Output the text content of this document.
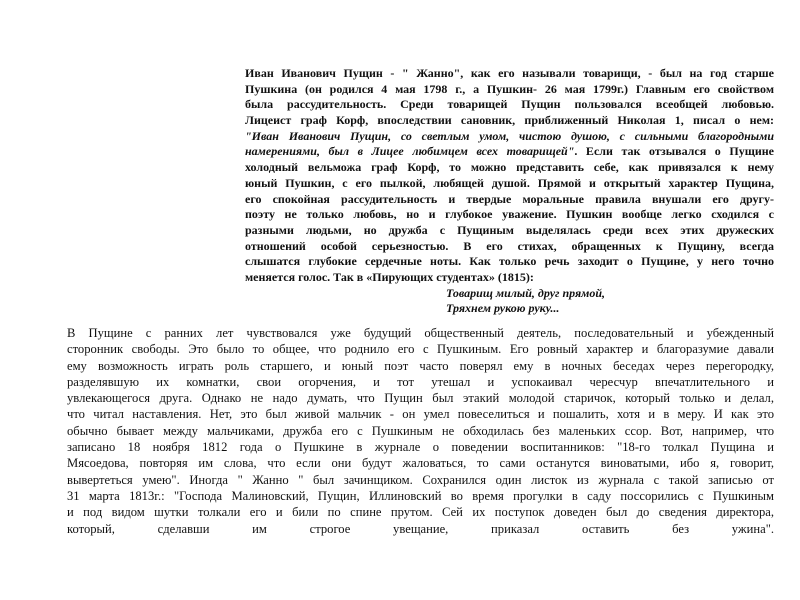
Иван Иванович Пущин - " Жанно", как его называли товарищи, - был на год старше
Пушкина (он родился 4 мая 1798 г., а Пушкин- 26 мая 1799г.) Главным его свойством
была рассудительность. Среди товарищей Пущин пользовался всеобщей любовью.
Лицеист граф Корф, впоследствии сановник, приближенный Николая 1, писал о нем:
"Иван Иванович Пущин, со светлым умом, чистою душою, с сильными благородными
намерениями, был в Лицее любимцем всех товарищей". Если так отзывался о Пущине
холодный вельможа граф Корф, то можно представить себе, как привязался к нему
юный Пушкин, с его пылкой, любящей душой. Прямой и открытый характер Пущина,
его спокойная рассудительность и твердые моральные правила внушали его другу-
поэту не только любовь, но и глубокое уважение. Пушкин вообще легко сходился с
разными людьми, но дружба с Пущиным выделялась среди всех этих дружеских
отношений особой серьезностью. В его стихах, обращенных к Пущину, всегда
слышатся глубокие сердечные ноты. Как только речь заходит о Пущине, у него точно
меняется голос. Так в «Пирующих студентах» (1815):
Товарищ милый, друг прямой,
Тряхнем рукою руку...
В Пущине с ранних лет чувствовался уже будущий общественный деятель, последовательный и убежденный
сторонник свободы. Это было то общее, что роднило его с Пушкиным. Его ровный характер и благоразумие давали
ему возможность играть роль старшего, и юный поэт часто поверял ему в ночных беседах через перегородку,
разделявшую их комнатки, свои огорчения, и тот утешал и успокаивал чересчур впечатлительного и
увлекающегося друга. Однако не надо думать, что Пущин был этакий молодой старичок, который только и делал,
что читал наставления. Нет, это был живой мальчик - он умел повеселиться и пошалить, хотя и в меру. И как это
обычно бывает между мальчиками, дружба его с Пушкиным не обходилась без маленьких ссор. Вот, например, что
записано 18 ноября 1812 года о Пушкине в журнале о поведении воспитанников: "18-го толкал Пущина и
Мясоедова, повторяя им слова, что если они будут жаловаться, то сами останутся виноватыми, ибо я, говорит,
вывертеться умею". Иногда " Жанно " был зачинщиком. Сохранился один листок из журнала с такой записью от
31 марта 1813г.: "Господа Малиновский, Пущин, Иллиновский во время прогулки в саду поссорились с Пушкиным
и под видом шутки толкали его и били по спине прутом. Сей их поступок доведен был до сведения директора,
который, сделавши им строгое увещание, приказал оставить без ужина".
